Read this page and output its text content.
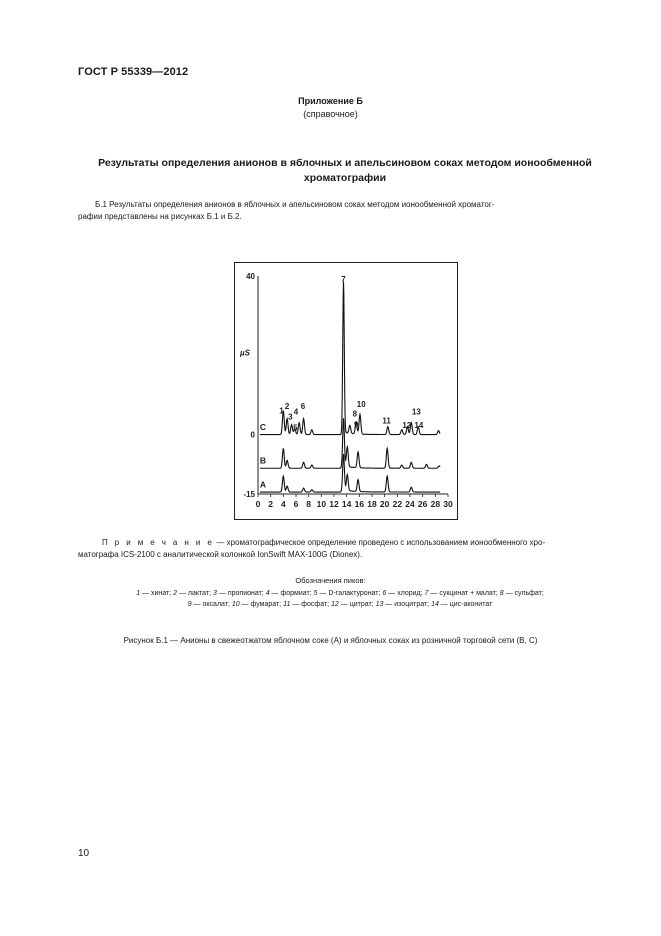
ГОСТ Р 55339—2012
Приложение Б
(справочное)
Результаты определения анионов в яблочных и апельсиновом соках методом ионообменной
хроматографии
Б.1 Результаты определения анионов в яблочных и апельсиновом соках методом ионообменной хроматог-
рафии представлены на рисунках Б.1 и Б.2.
40
0
-15
µS
0 2 4 6 8 10 12 14 16 18 20 22 24 26 28 30
C
B
A
1
2
3
4
5
6
7
8
9
10
11
12
13
14
П р и м е ч а н и е — хроматографическое определение проведено с использованием ионообменного хро-
матографа ICS-2100 с аналитической колонкой IonSwift MAX-100G (Dionex).
Обозначения пиков:
1 — хинат; 2 — лактат; 3 — пропионат; 4 — формиат; 5 — D-галактуронат; 6 — хлорид; 7 — сукцинат + малат; 8 — сульфат;
9 — оксалат; 10 — фумарат; 11 — фосфат; 12 — цитрат; 13 — изоцитрат; 14 — цис-аконитат
Рисунок Б.1 — Анионы в свежеотжатом яблочном соке (A) и яблочных соках из розничной торговой сети (B, C)
10
